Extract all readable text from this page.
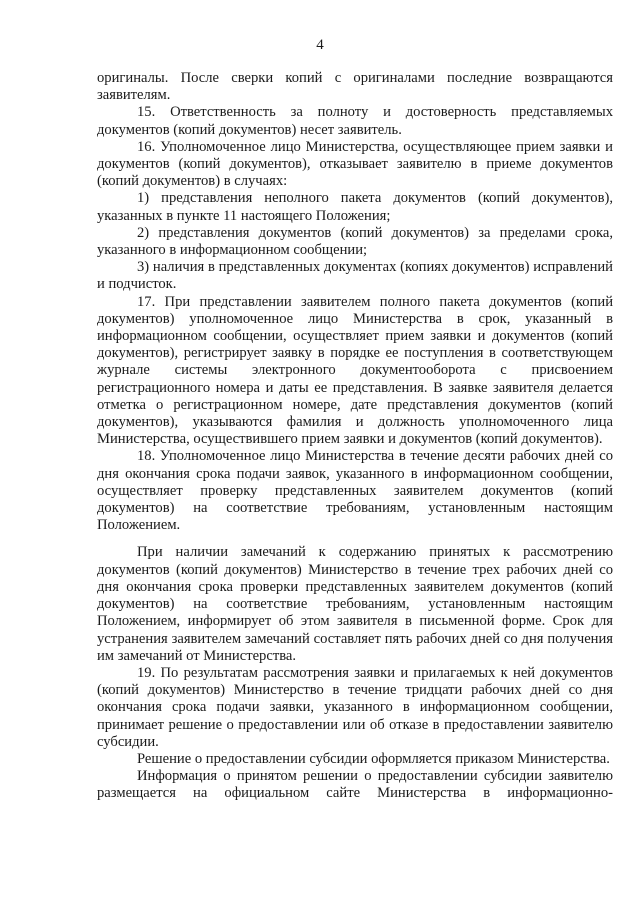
4

оригиналы. После сверки копий с оригиналами последние возвращаются заявителям.

15. Ответственность за полноту и достоверность представляемых документов (копий документов) несет заявитель.

16. Уполномоченное лицо Министерства, осуществляющее прием заявки и документов (копий документов), отказывает заявителю в приеме документов (копий документов) в случаях:

1) представления неполного пакета документов (копий документов), указанных в пункте 11 настоящего Положения;

2) представления документов (копий документов) за пределами срока, указанного в информационном сообщении;

3) наличия в представленных документах (копиях документов) исправлений и подчисток.

17. При представлении заявителем полного пакета документов (копий документов) уполномоченное лицо Министерства в срок, указанный в информационном сообщении, осуществляет прием заявки и документов (копий документов), регистрирует заявку в порядке ее поступления в соответствующем журнале системы электронного документооборота с присвоением регистрационного номера и даты ее представления. В заявке заявителя делается отметка о регистрационном номере, дате представления документов (копий документов), указываются фамилия и должность уполномоченного лица Министерства, осуществившего прием заявки и документов (копий документов).

18. Уполномоченное лицо Министерства в течение десяти рабочих дней со дня окончания срока подачи заявок, указанного в информационном сообщении, осуществляет проверку представленных заявителем документов (копий документов) на соответствие требованиям, установленным настоящим Положением.

При наличии замечаний к содержанию принятых к рассмотрению документов (копий документов) Министерство в течение трех рабочих дней со дня окончания срока проверки представленных заявителем документов (копий документов) на соответствие требованиям, установленным настоящим Положением, информирует об этом заявителя в письменной форме. Срок для устранения заявителем замечаний составляет пять рабочих дней со дня получения им замечаний от Министерства.

19. По результатам рассмотрения заявки и прилагаемых к ней документов (копий документов) Министерство в течение тридцати рабочих дней со дня окончания срока подачи заявки, указанного в информационном сообщении, принимает решение о предоставлении или об отказе в предоставлении заявителю субсидии.

Решение о предоставлении субсидии оформляется приказом Министерства.

Информация о принятом решении о предоставлении субсидии заявителю размещается на официальном сайте Министерства в информационно-
